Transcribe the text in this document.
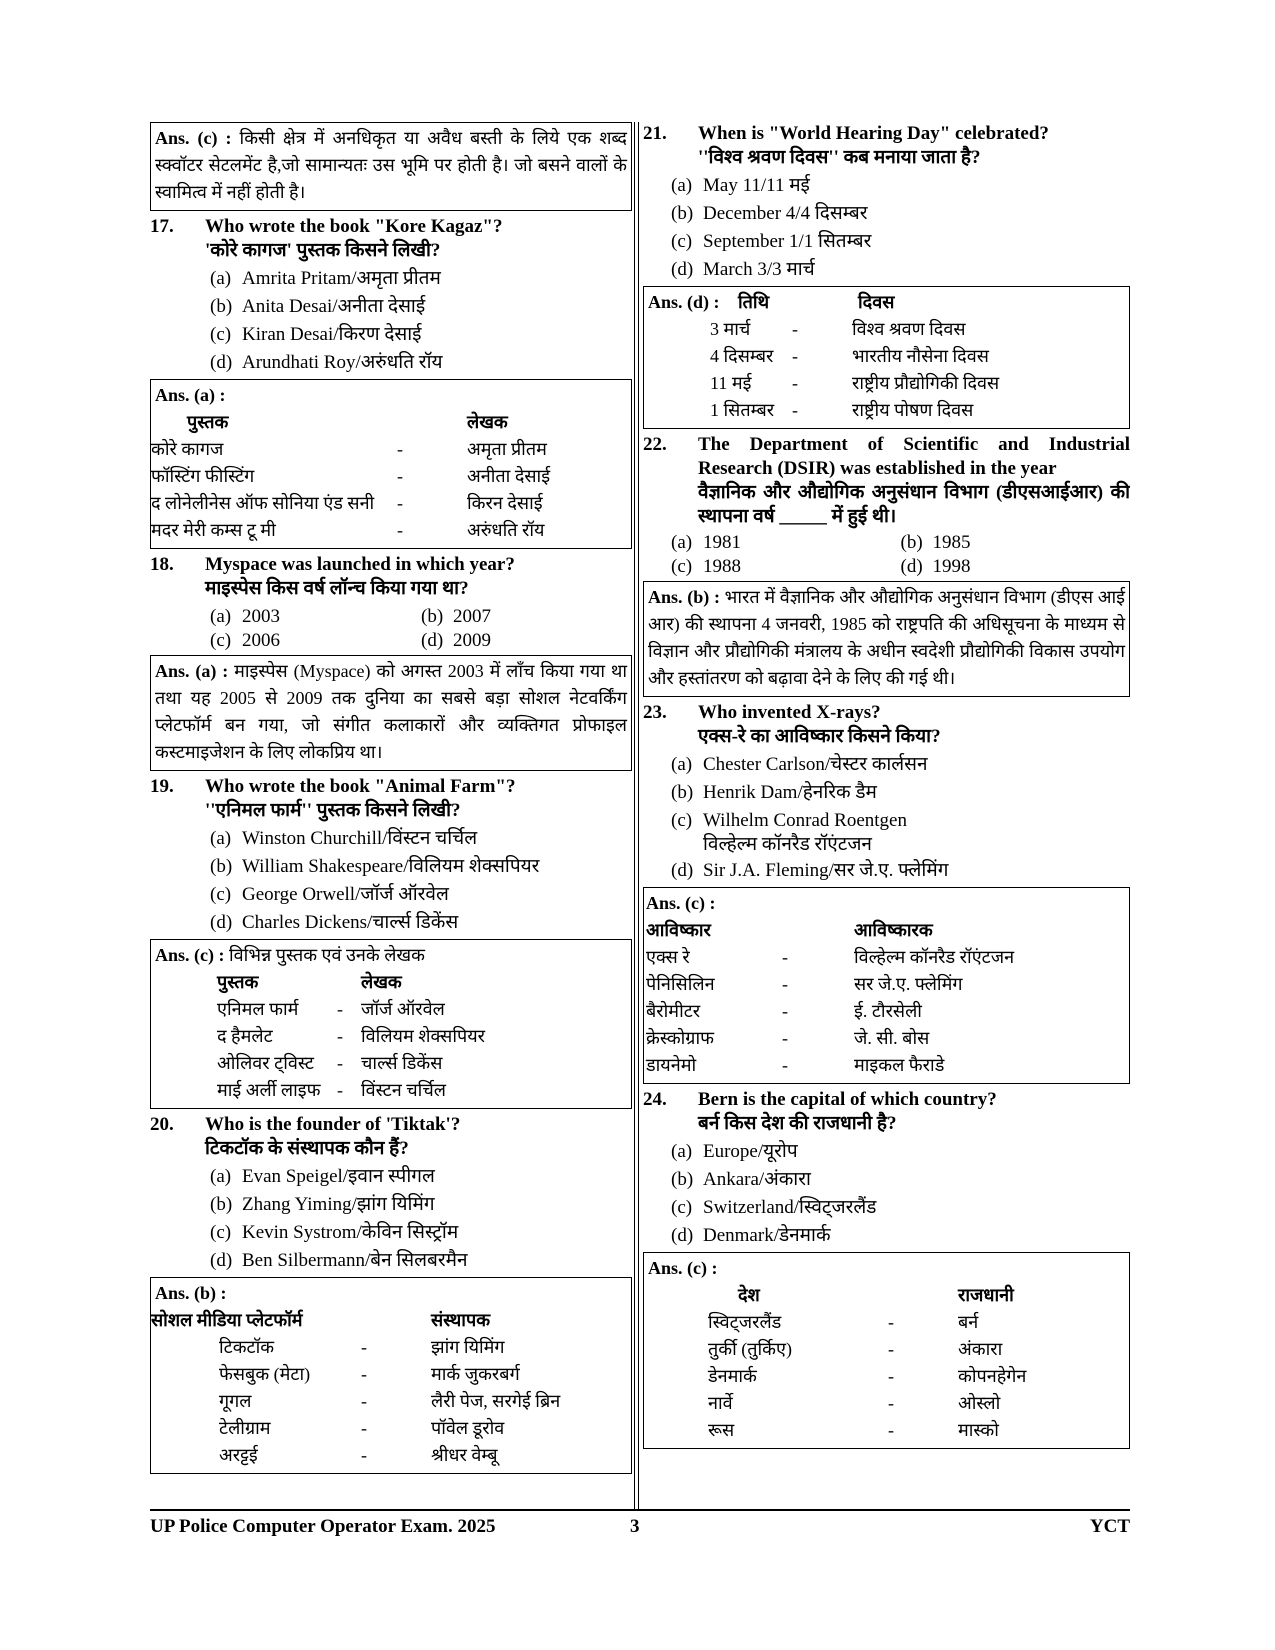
Ans. (c) : किसी क्षेत्र में अनधिकृत या अवैध बस्ती के लिये एक शब्द स्क्वॉटर सेटलमेंट है,जो सामान्यतः उस भूमि पर होती है। जो बसने वालों के स्वामित्व में नहीं होती है।
17.	Who wrote the book "Kore Kagaz"?
'कोरे कागज' पुस्तक किसने लिखी?
(a) Amrita Pritam/अमृता प्रीतम
(b) Anita Desai/अनीता देसाई
(c) Kiran Desai/किरण देसाई
(d) Arundhati Roy/अरुंधति रॉय
Ans. (a) :
पुस्तक		लेखक
कोरे कागज	-	अमृता प्रीतम
फॉस्टिंग फीस्टिंग	-	अनीता देसाई
द लोनेलीनेस ऑफ सोनिया एंड सनी	-	किरन देसाई
मदर मेरी कम्स टू मी	-	अरुंधति रॉय
18.	Myspace was launched in which year?
माइस्पेस किस वर्ष लॉन्च किया गया था?
(a) 2003	(b) 2007
(c) 2006	(d) 2009
Ans. (a) : माइस्पेस (Myspace) को अगस्त 2003 में लाँच किया गया था तथा यह 2005 से 2009 तक दुनिया का सबसे बड़ा सोशल नेटवर्किंग प्लेटफॉर्म बन गया, जो संगीत कलाकारों और व्यक्तिगत प्रोफाइल कस्टमाइजेशन के लिए लोकप्रिय था।
19.	Who wrote the book "Animal Farm"?
''एनिमल फार्म'' पुस्तक किसने लिखी?
(a) Winston Churchill/विंस्टन चर्चिल
(b) William Shakespeare/विलियम शेक्सपियर
(c) George Orwell/जॉर्ज ऑरवेल
(d) Charles Dickens/चार्ल्स डिकेंस
Ans. (c) : विभिन्न पुस्तक एवं उनके लेखक
पुस्तक		लेखक
एनिमल फार्म	-	जॉर्ज ऑरवेल
द हैमलेट	-	विलियम शेक्सपियर
ओलिवर ट्विस्ट	-	चार्ल्स डिकेंस
माई अर्ली लाइफ	-	विंस्टन चर्चिल
20.	Who is the founder of 'Tiktak'?
टिकटॉक के संस्थापक कौन हैं?
(a) Evan Speigel/इवान स्पीगल
(b) Zhang Yiming/झांग यिमिंग
(c) Kevin Systrom/केविन सिस्ट्रॉम
(d) Ben Silbermann/बेन सिलबरमैन
Ans. (b) :
सोशल मीडिया प्लेटफॉर्म		संस्थापक
टिकटॉक	-	झांग यिमिंग
फेसबुक (मेटा)	-	मार्क जुकरबर्ग
गूगल	-	लैरी पेज, सरगेई ब्रिन
टेलीग्राम	-	पॉवेल डूरोव
अरट्टई	-	श्रीधर वेम्बू
21.	When is "World Hearing Day" celebrated?
''विश्व श्रवण दिवस'' कब मनाया जाता है?
(a) May 11/11 मई
(b) December 4/4 दिसम्बर
(c) September 1/1 सितम्बर
(d) March 3/3 मार्च
Ans. (d) :	तिथि	दिवस
3 मार्च	-	विश्व श्रवण दिवस
4 दिसम्बर	-	भारतीय नौसेना दिवस
11 मई	-	राष्ट्रीय प्रौद्योगिकी दिवस
1 सितम्बर	-	राष्ट्रीय पोषण दिवस
22.	The Department of Scientific and Industrial Research (DSIR) was established in the year
वैज्ञानिक और औद्योगिक अनुसंधान विभाग (डीएसआईआर) की स्थापना वर्ष _____ में हुई थी।
(a) 1981	(b) 1985
(c) 1988	(d) 1998
Ans. (b) : भारत में वैज्ञानिक और औद्योगिक अनुसंधान विभाग (डीएस आई आर) की स्थापना 4 जनवरी, 1985 को राष्ट्रपति की अधिसूचना के माध्यम से विज्ञान और प्रौद्योगिकी मंत्रालय के अधीन स्वदेशी प्रौद्योगिकी विकास उपयोग और हस्तांतरण को बढ़ावा देने के लिए की गई थी।
23.	Who invented X-rays?
एक्स-रे का आविष्कार किसने किया?
(a) Chester Carlson/चेस्टर कार्लसन
(b) Henrik Dam/हेनरिक डैम
(c) Wilhelm Conrad Roentgen
विल्हेल्म कॉनरैड रॉएंटजन
(d) Sir J.A. Fleming/सर जे.ए. फ्लेमिंग
Ans. (c) :
आविष्कार		आविष्कारक
एक्स रे	-	विल्हेल्म कॉनरैड रॉएंटजन
पेनिसिलिन	-	सर जे.ए. फ्लेमिंग
बैरोमीटर	-	ई. टौरसेली
क्रेस्कोग्राफ	-	जे. सी. बोस
डायनेमो	-	माइकल फैराडे
24.	Bern is the capital of which country?
बर्न किस देश की राजधानी है?
(a) Europe/यूरोप
(b) Ankara/अंकारा
(c) Switzerland/स्विट्जरलैंड
(d) Denmark/डेनमार्क
Ans. (c) :
देश		राजधानी
स्विट्जरलैंड	-	बर्न
तुर्की (तुर्किए)	-	अंकारा
डेनमार्क	-	कोपनहेगेन
नार्वे	-	ओस्लो
रूस	-	मास्को
UP Police Computer Operator Exam. 2025	3	YCT
